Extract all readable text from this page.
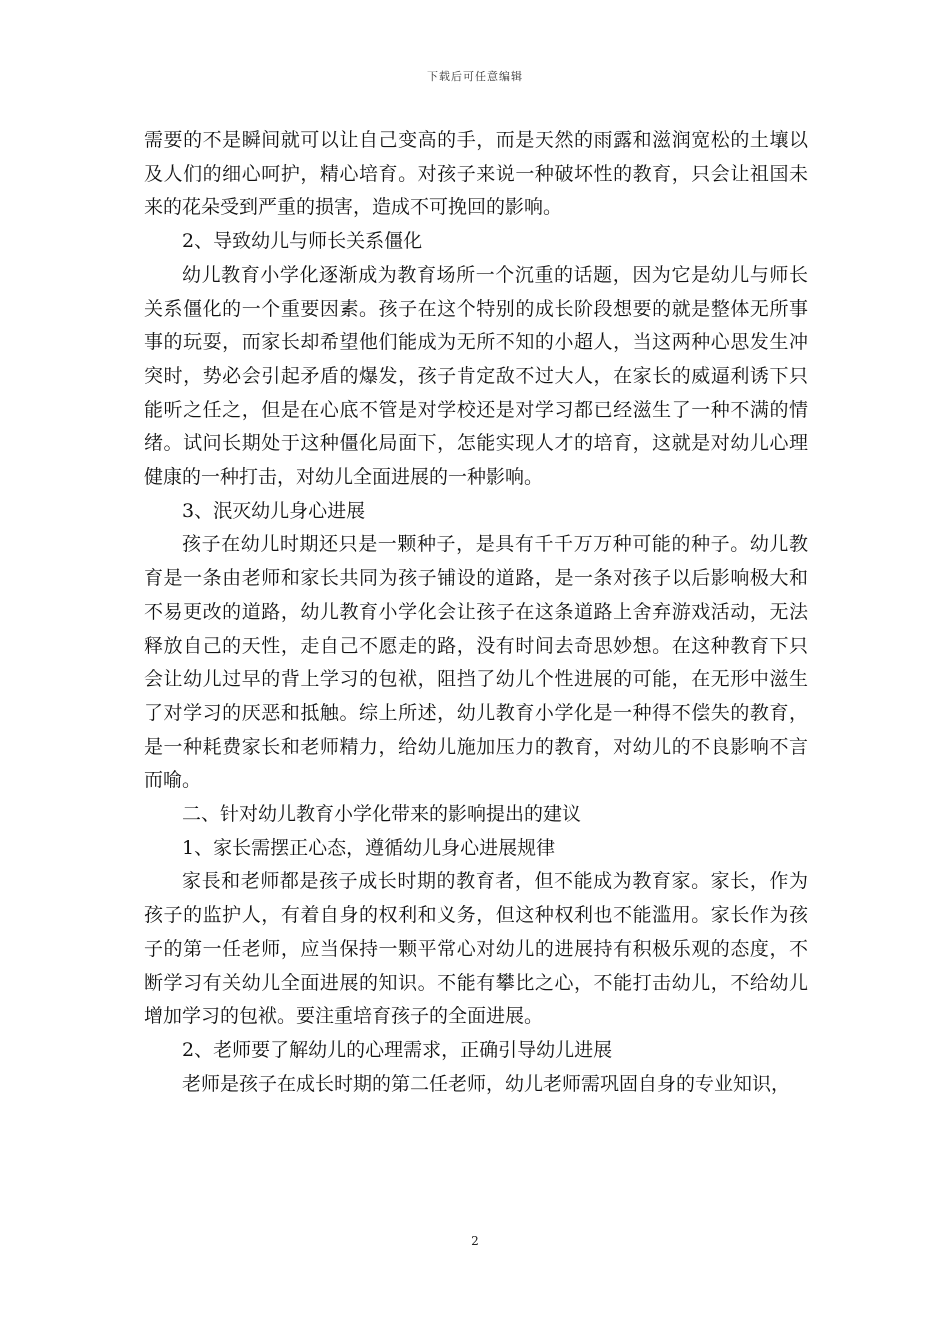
下载后可任意编辑

需要的不是瞬间就可以让自己变高的手，而是天然的雨露和滋润宽松的土壤以及人们的细心呵护，精心培育。对孩子来说一种破坏性的教育，只会让祖国未来的花朵受到严重的损害，造成不可挽回的影响。

2、导致幼儿与师长关系僵化

幼儿教育小学化逐渐成为教育场所一个沉重的话题，因为它是幼儿与师长关系僵化的一个重要因素。孩子在这个特别的成长阶段想要的就是整体无所事事的玩耍，而家长却希望他们能成为无所不知的小超人，当这两种心思发生冲突时，势必会引起矛盾的爆发，孩子肯定敌不过大人，在家长的威逼利诱下只能听之任之，但是在心底不管是对学校还是对学习都已经滋生了一种不满的情绪。试问长期处于这种僵化局面下，怎能实现人才的培育，这就是对幼儿心理健康的一种打击，对幼儿全面进展的一种影响。

3、泯灭幼儿身心进展

孩子在幼儿时期还只是一颗种子，是具有千千万万种可能的种子。幼儿教育是一条由老师和家长共同为孩子铺设的道路，是一条对孩子以后影响极大和不易更改的道路，幼儿教育小学化会让孩子在这条道路上舍弃游戏活动，无法释放自己的天性，走自己不愿走的路，没有时间去奇思妙想。在这种教育下只会让幼儿过早的背上学习的包袱，阻挡了幼儿个性进展的可能，在无形中滋生了对学习的厌恶和抵触。综上所述，幼儿教育小学化是一种得不偿失的教育，是一种耗费家长和老师精力，给幼儿施加压力的教育，对幼儿的不良影响不言而喻。

二、针对幼儿教育小学化带来的影响提出的建议

1、家长需摆正心态，遵循幼儿身心进展规律

家長和老师都是孩子成长时期的教育者，但不能成为教育家。家长，作为孩子的监护人，有着自身的权利和义务，但这种权利也不能滥用。家长作为孩子的第一任老师，应当保持一颗平常心对幼儿的进展持有积极乐观的态度，不断学习有关幼儿全面进展的知识。不能有攀比之心，不能打击幼儿，不给幼儿增加学习的包袱。要注重培育孩子的全面进展。

2、老师要了解幼儿的心理需求，正确引导幼儿进展

老师是孩子在成长时期的第二任老师，幼儿老师需巩固自身的专业知识，

2
